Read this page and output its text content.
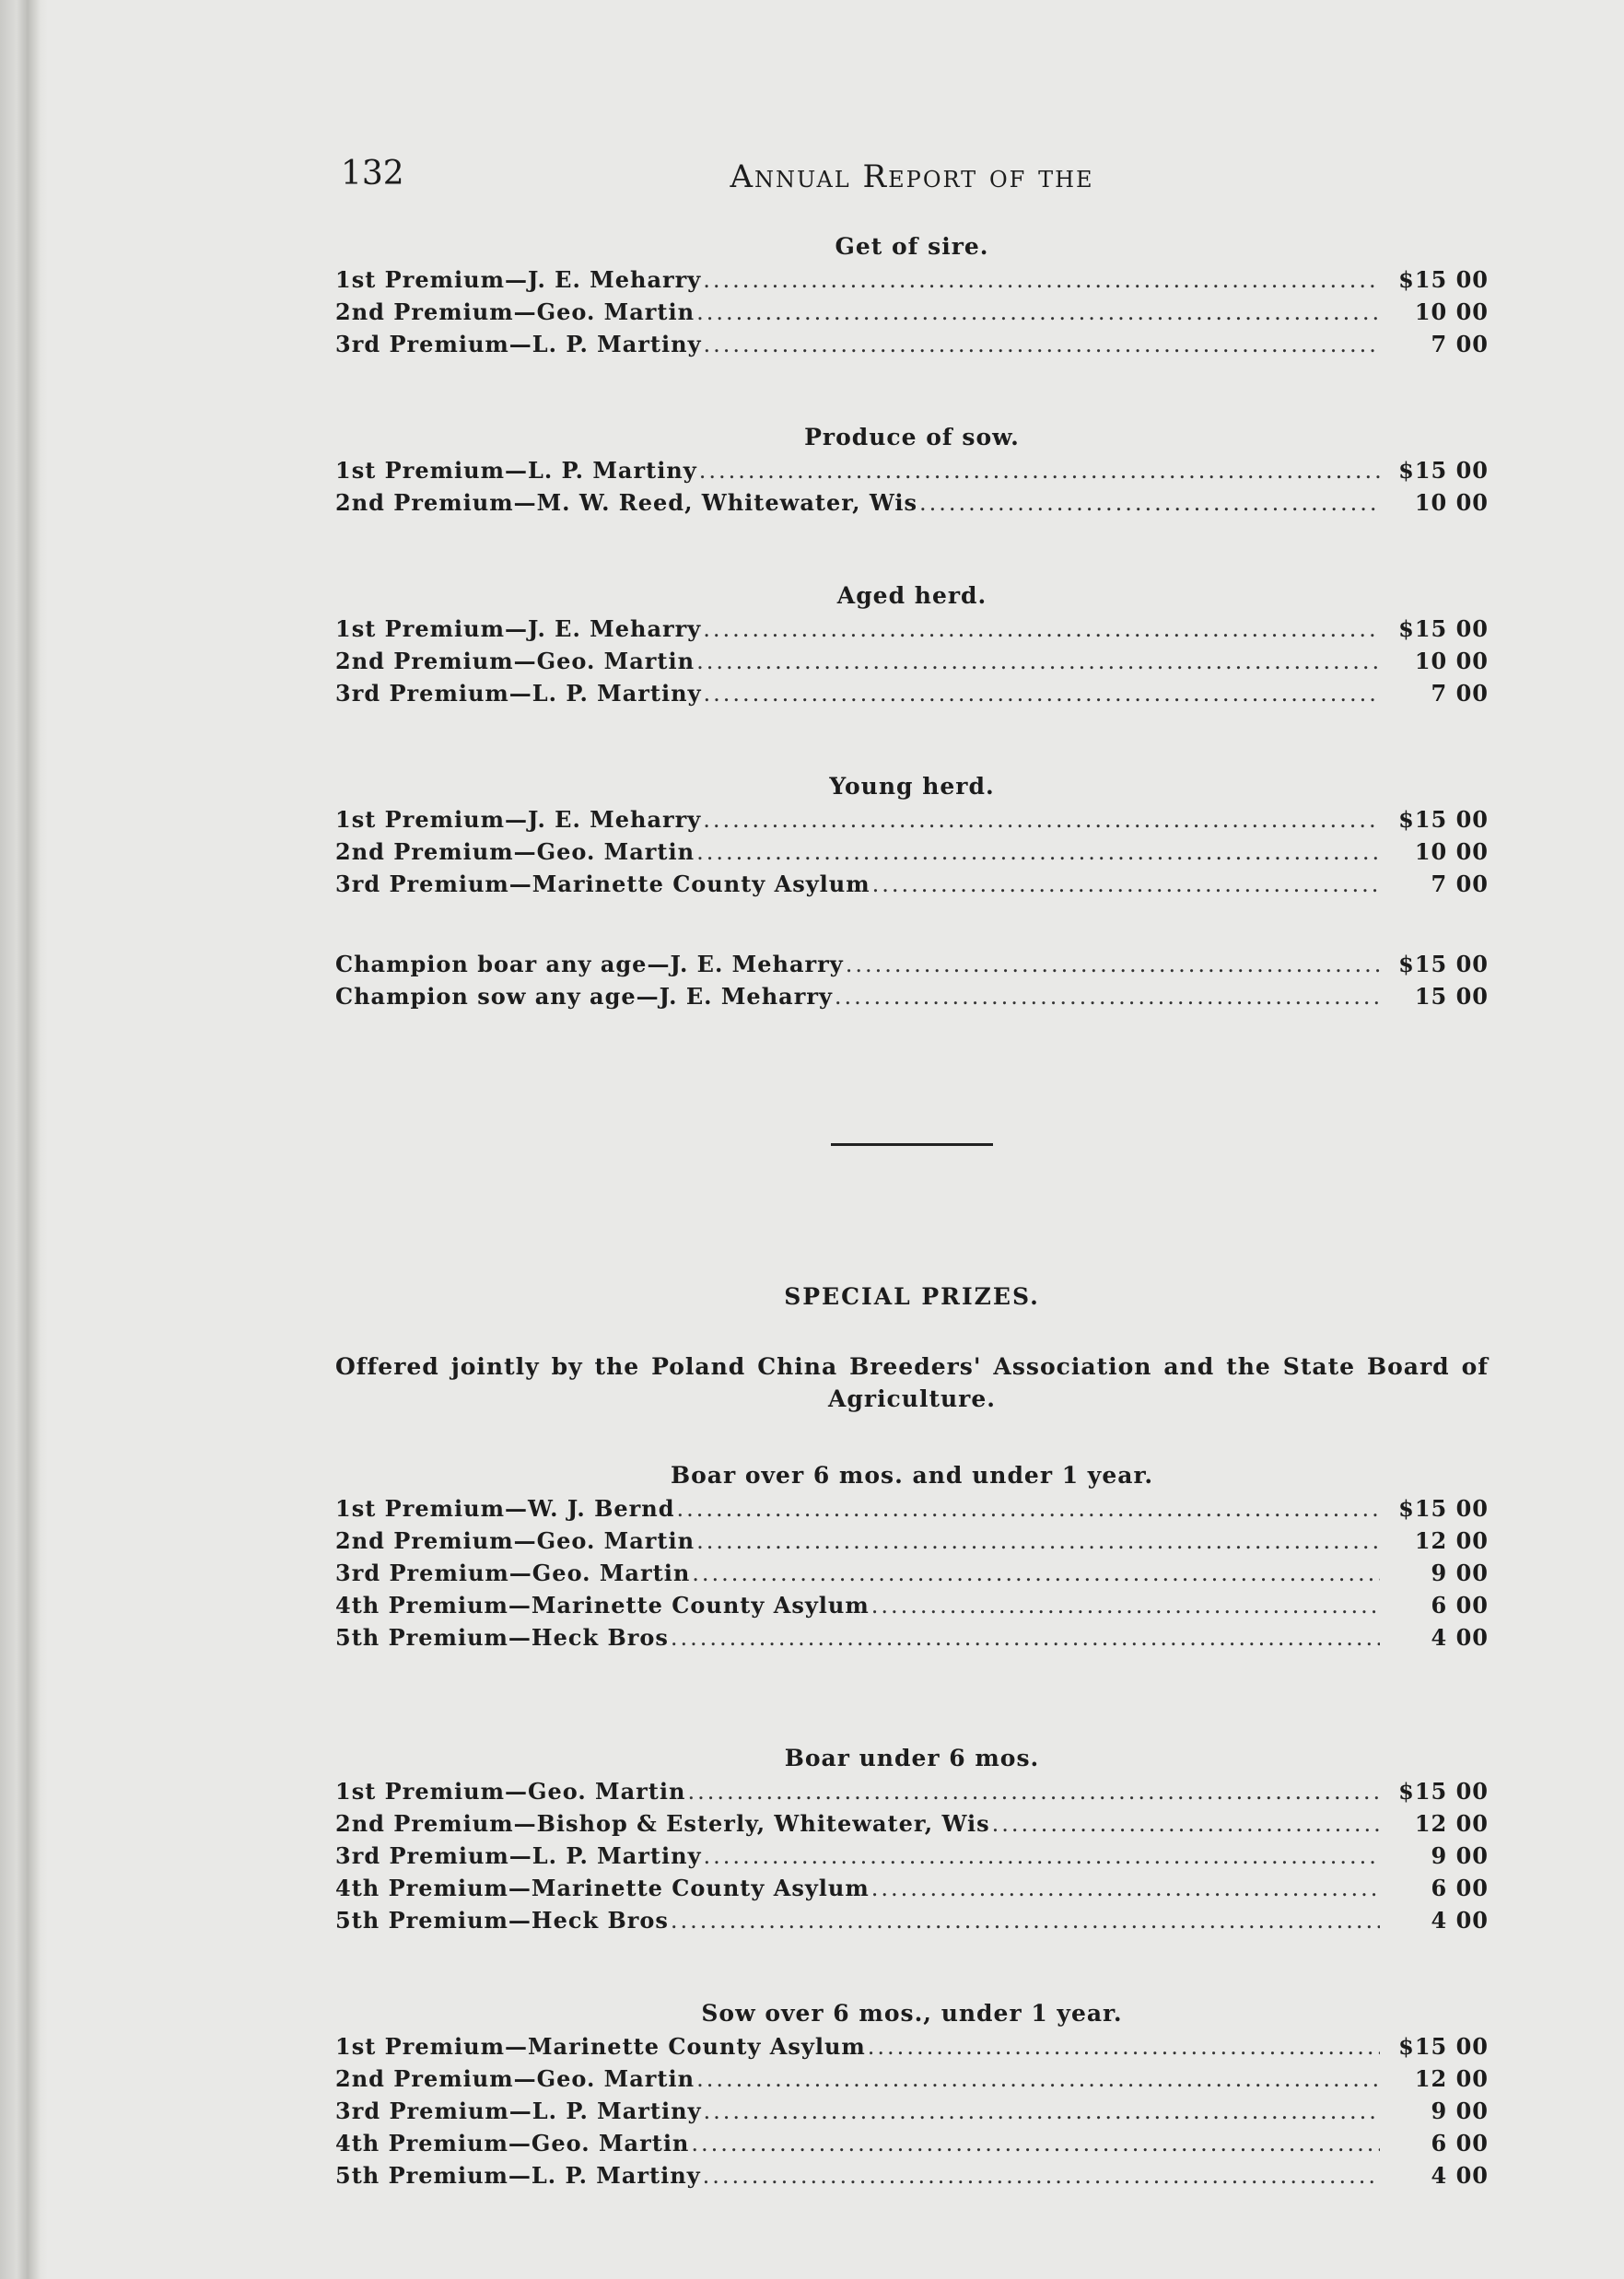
132	Annual Report of the
Get of sire.
1st Premium—J. E. Meharry .....	$15 00
2nd Premium—Geo. Martin .....	10 00
3rd Premium—L. P. Martiny .....	7 00
Produce of sow.
1st Premium—L. P. Martiny .....	$15 00
2nd Premium—M. W. Reed, Whitewater, Wis .....	10 00
Aged herd.
1st Premium—J. E. Meharry .....	$15 00
2nd Premium—Geo. Martin .....	10 00
3rd Premium—L. P. Martiny .....	7 00
Young herd.
1st Premium—J. E. Meharry .....	$15 00
2nd Premium—Geo. Martin .....	10 00
3rd Premium—Marinette County Asylum .....	7 00
Champion boar any age—J. E. Meharry .....	$15 00
Champion sow any age—J. E. Meharry .....	15 00
SPECIAL PRIZES.
Offered jointly by the Poland China Breeders' Association and the State Board of Agriculture.
Boar over 6 mos. and under 1 year.
1st Premium—W. J. Bernd .....	$15 00
2nd Premium—Geo. Martin .....	12 00
3rd Premium—Geo. Martin .....	9 00
4th Premium—Marinette County Asylum .....	6 00
5th Premium—Heck Bros .....	4 00
Boar under 6 mos.
1st Premium—Geo. Martin .....	$15 00
2nd Premium—Bishop & Esterly, Whitewater, Wis .....	12 00
3rd Premium—L. P. Martiny .....	9 00
4th Premium—Marinette County Asylum .....	6 00
5th Premium—Heck Bros .....	4 00
Sow over 6 mos., under 1 year.
1st Premium—Marinette County Asylum .....	$15 00
2nd Premium—Geo. Martin .....	12 00
3rd Premium—L. P. Martiny .....	9 00
4th Premium—Geo. Martin .....	6 00
5th Premium—L. P. Martiny .....	4 00
